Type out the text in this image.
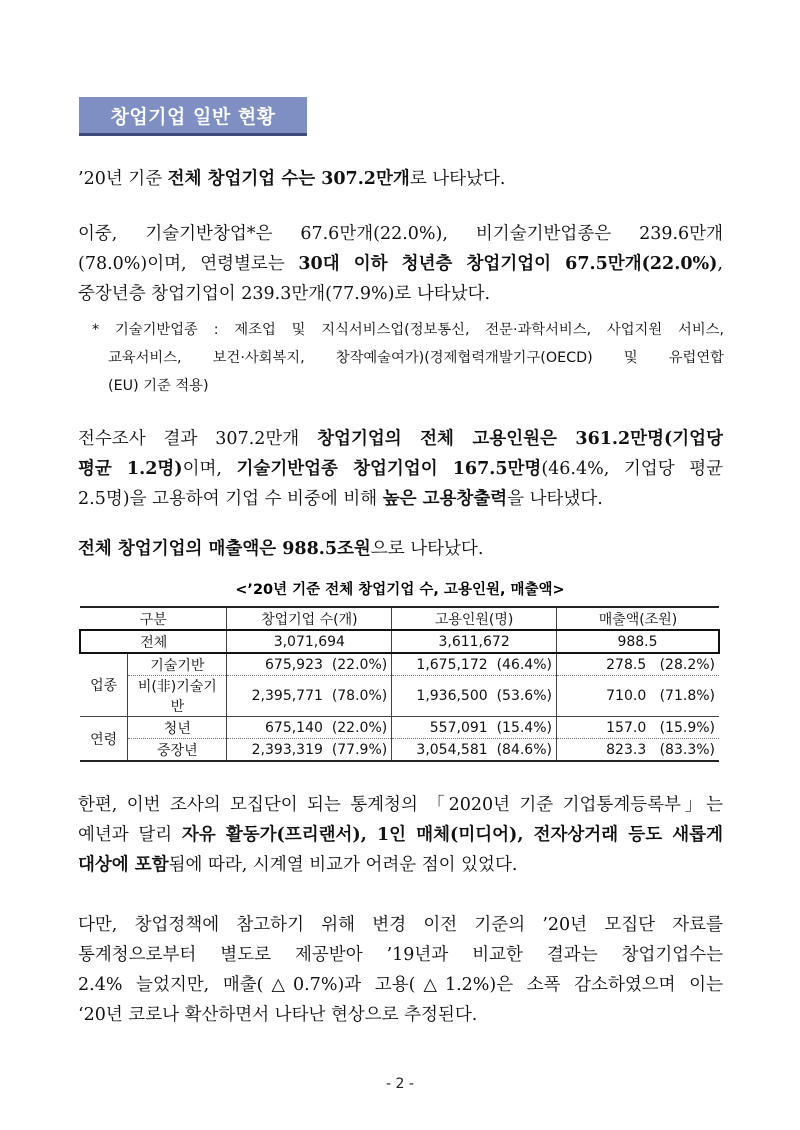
창업기업 일반 현황

’20년 기준 전체 창업기업 수는 307.2만개로 나타났다.

이중, 기술기반창업*은 67.6만개(22.0%), 비기술기반업종은 239.6만개
(78.0%)이며, 연령별로는 30대 이하 청년층 창업기업이 67.5만개(22.0%),
중장년층 창업기업이 239.3만개(77.9%)로 나타났다.

* 기술기반업종 : 제조업 및 지식서비스업(정보통신, 전문·과학서비스, 사업지원 서비스,
교육서비스, 보건·사회복지, 창작예술여가)(경제협력개발기구(OECD) 및 유럽연합
(EU) 기준 적용)

전수조사 결과 307.2만개 창업기업의 전체 고용인원은 361.2만명(기업당
평균 1.2명)이며, 기술기반업종 창업기업이 167.5만명(46.4%, 기업당 평균
2.5명)을 고용하여 기업 수 비중에 비해 높은 고용창출력을 나타냈다.

전체 창업기업의 매출액은 988.5조원으로 나타났다.

<’20년 기준 전체 창업기업 수, 고용인원, 매출액>
구분		창업기업 수(개)	고용인원(명)	매출액(조원)
전체		3,071,694	3,611,672	988.5
업종	기술기반	675,923 (22.0%)	1,675,172 (46.4%)	278.5 (28.2%)
	비(非)기술기반	2,395,771 (78.0%)	1,936,500 (53.6%)	710.0 (71.8%)
연령	청년	675,140 (22.0%)	557,091 (15.4%)	157.0 (15.9%)
	중장년	2,393,319 (77.9%)	3,054,581 (84.6%)	823.3 (83.3%)

한편, 이번 조사의 모집단이 되는 통계청의 「2020년 기준 기업통계등록부」는
예년과 달리 자유 활동가(프리랜서), 1인 매체(미디어), 전자상거래 등도 새롭게
대상에 포함됨에 따라, 시계열 비교가 어려운 점이 있었다.

다만, 창업정책에 참고하기 위해 변경 이전 기준의 ’20년 모집단 자료를
통계청으로부터 별도로 제공받아 ’19년과 비교한 결과는 창업기업수는
2.4% 늘었지만, 매출(△0.7%)과 고용(△1.2%)은 소폭 감소하였으며 이는
‘20년 코로나 확산하면서 나타난 현상으로 추정된다.

- 2 -
